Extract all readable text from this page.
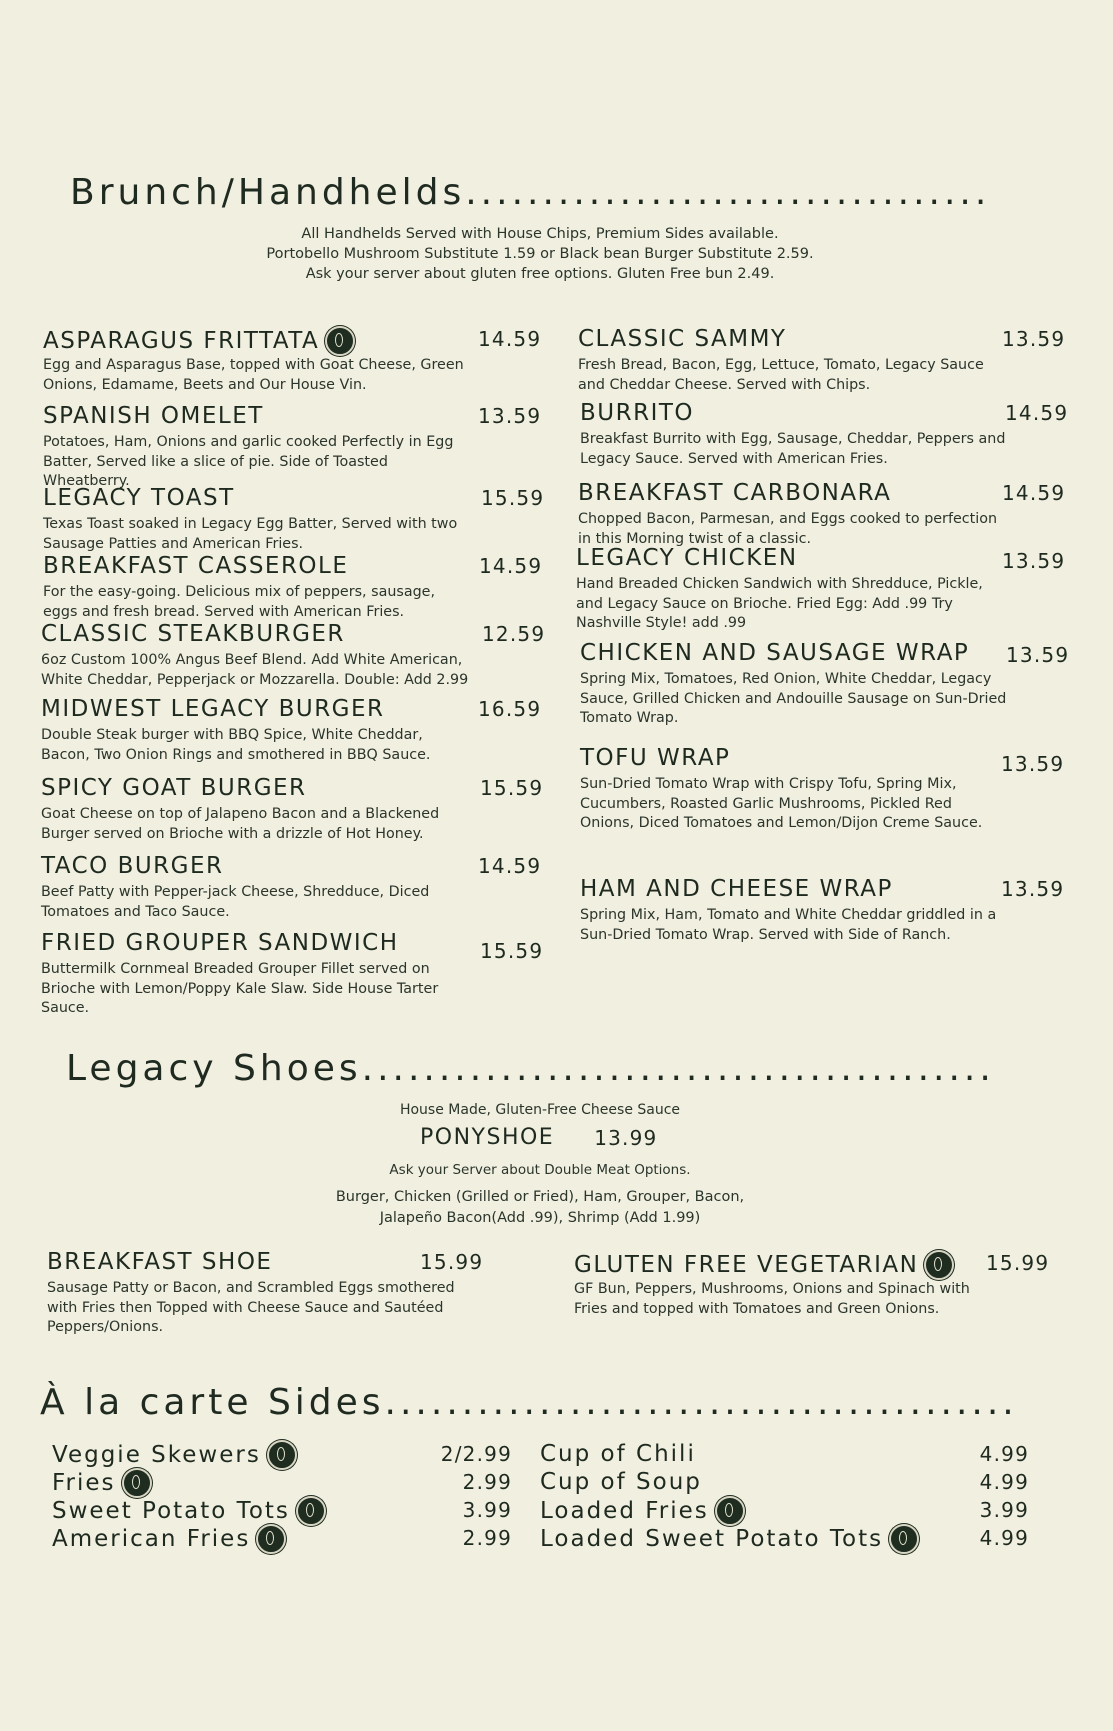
Brunch/Handhelds..................................

All Handhelds Served with House Chips, Premium Sides available.

Portobello Mushroom Substitute 1.59 or Black bean Burger Substitute 2.59.

Ask your server about gluten free options. Gluten Free bun 2.49.

ASPARAGUS FRITTATA	14.59
Egg and Asparagus Base, topped with Goat Cheese, Green Onions, Edamame, Beets and Our House Vin.
SPANISH OMELET	13.59
Potatoes, Ham, Onions and garlic cooked Perfectly in Egg Batter, Served like a slice of pie. Side of Toasted Wheatberry.
LEGACY TOAST	15.59
Texas Toast soaked in Legacy Egg Batter, Served with two Sausage Patties and American Fries.
BREAKFAST CASSEROLE	14.59
For the easy-going. Delicious mix of peppers, sausage, eggs and fresh bread. Served with American Fries.
CLASSIC STEAKBURGER	12.59
6oz Custom 100% Angus Beef Blend. Add White American, White Cheddar, Pepperjack or Mozzarella. Double: Add 2.99
MIDWEST LEGACY BURGER	16.59
Double Steak burger with BBQ Spice, White Cheddar, Bacon, Two Onion Rings and smothered in BBQ Sauce.
SPICY GOAT BURGER	15.59
Goat Cheese on top of Jalapeno Bacon and a Blackened Burger served on Brioche with a drizzle of Hot Honey.
TACO BURGER	14.59
Beef Patty with Pepper-jack Cheese, Shredduce, Diced Tomatoes and Taco Sauce.
FRIED GROUPER SANDWICH	15.59
Buttermilk Cornmeal Breaded Grouper Fillet served on Brioche with Lemon/Poppy Kale Slaw. Side House Tarter Sauce.
CLASSIC SAMMY	13.59
Fresh Bread, Bacon, Egg, Lettuce, Tomato, Legacy Sauce and Cheddar Cheese. Served with Chips.
BURRITO	14.59
Breakfast Burrito with Egg, Sausage, Cheddar, Peppers and Legacy Sauce. Served with American Fries.
BREAKFAST CARBONARA	14.59
Chopped Bacon, Parmesan, and Eggs cooked to perfection in this Morning twist of a classic.
LEGACY CHICKEN	13.59
Hand Breaded Chicken Sandwich with Shredduce, Pickle, and Legacy Sauce on Brioche. Fried Egg: Add .99 Try Nashville Style! add .99
CHICKEN AND SAUSAGE WRAP 13.59
Spring Mix, Tomatoes, Red Onion, White Cheddar, Legacy Sauce, Grilled Chicken and Andouille Sausage on Sun-Dried Tomato Wrap.
TOFU WRAP	13.59
Sun-Dried Tomato Wrap with Crispy Tofu, Spring Mix, Cucumbers, Roasted Garlic Mushrooms, Pickled Red Onions, Diced Tomatoes and Lemon/Dijon Creme Sauce.
HAM AND CHEESE WRAP	13.59
Spring Mix, Ham, Tomato and White Cheddar griddled in a Sun-Dried Tomato Wrap. Served with Side of Ranch.
Legacy Shoes.........................................

House Made, Gluten-Free Cheese Sauce

PONYSHOE 13.99

Ask your Server about Double Meat Options.

Burger, Chicken (Grilled or Fried), Ham, Grouper, Bacon,

Jalapeño Bacon(Add .99), Shrimp (Add 1.99)

BREAKFAST SHOE	15.99
Sausage Patty or Bacon, and Scrambled Eggs smothered with Fries then Topped with Cheese Sauce and Sautéed Peppers/Onions.
GLUTEN FREE VEGETARIAN	15.99
GF Bun, Peppers, Mushrooms, Onions and Spinach with Fries and topped with Tomatoes and Green Onions.
À la carte Sides.........................................
Veggie Skewers	2/2.99
Fries	2.99
Sweet Potato Tots	3.99
American Fries	2.99
Cup of Chili	4.99
Cup of Soup	4.99
Loaded Fries	3.99
Loaded Sweet Potato Tots	4.99
